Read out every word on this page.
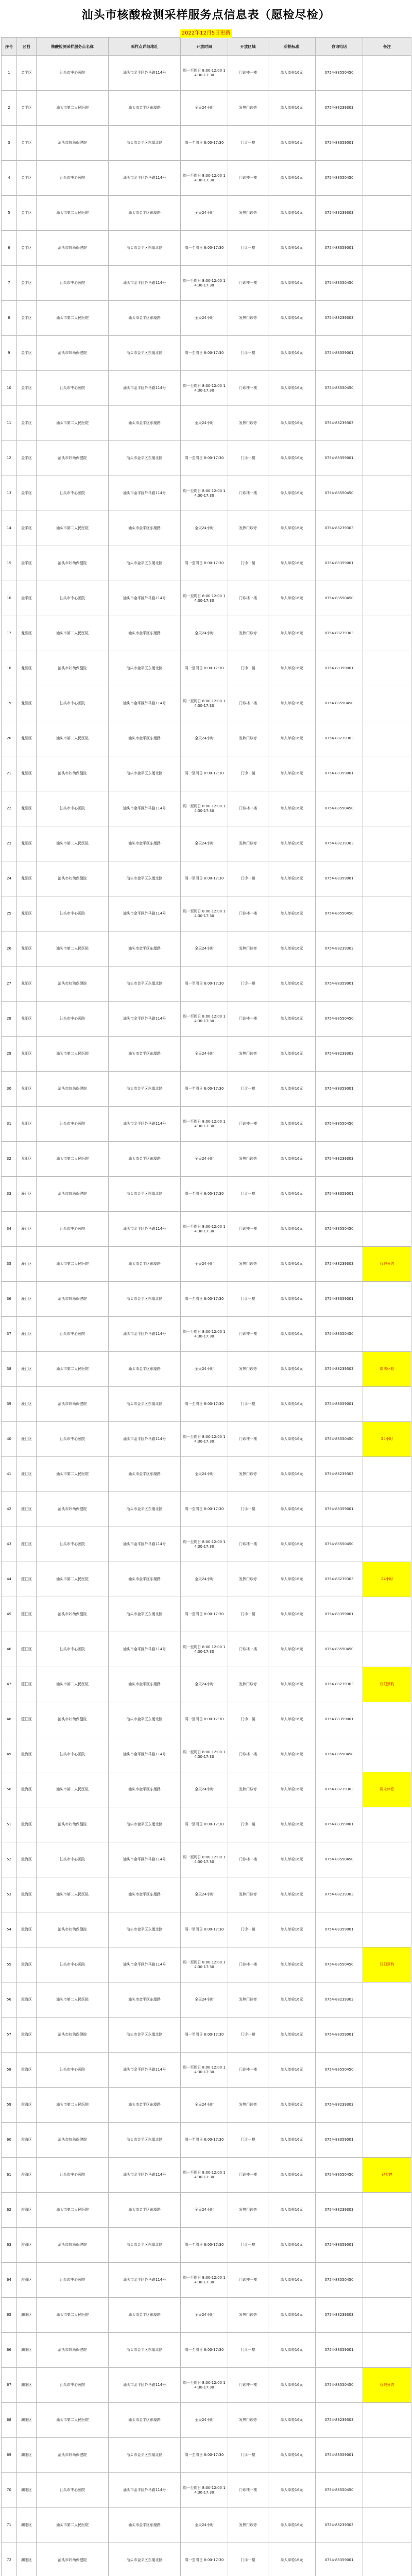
汕头市核酸检测采样服务点信息表（愿检尽检）
2022年12月5日更新
序号	区县	核酸检测采样服务点名称	采样点详细地址	开放时间	开放区域	价格标准	咨询电话	备注
1	金平区	汕头市中心医院	汕头市金平区外马路114号	周一至周日 8:00-12:00 14:30-17:30	门诊楼一楼	单人单检16元	0754-88550450	
2	金平区	汕头市第二人民医院	汕头市金平区东厦路	全天24小时	发热门诊旁	单人单检16元	0754-88239303	
3	金平区	汕头市妇幼保健院	汕头市金平区东厦北路	周一至周日 8:00-17:30	门诊一楼	单人单检16元	0754-88359001	
4	金平区	汕头市中心医院	汕头市金平区外马路114号	周一至周日 8:00-12:00 14:30-17:30	门诊楼一楼	单人单检16元	0754-88550450	
5	金平区	汕头市第二人民医院	汕头市金平区东厦路	全天24小时	发热门诊旁	单人单检16元	0754-88239303	
6	金平区	汕头市妇幼保健院	汕头市金平区东厦北路	周一至周日 8:00-17:30	门诊一楼	单人单检16元	0754-88359001	
7	金平区	汕头市中心医院	汕头市金平区外马路114号	周一至周日 8:00-12:00 14:30-17:30	门诊楼一楼	单人单检16元	0754-88550450	
8	金平区	汕头市第二人民医院	汕头市金平区东厦路	全天24小时	发热门诊旁	单人单检16元	0754-88239303	
9	金平区	汕头市妇幼保健院	汕头市金平区东厦北路	周一至周日 8:00-17:30	门诊一楼	单人单检16元	0754-88359001	
10	金平区	汕头市中心医院	汕头市金平区外马路114号	周一至周日 8:00-12:00 14:30-17:30	门诊楼一楼	单人单检16元	0754-88550450	
11	金平区	汕头市第二人民医院	汕头市金平区东厦路	全天24小时	发热门诊旁	单人单检16元	0754-88239303	
12	金平区	汕头市妇幼保健院	汕头市金平区东厦北路	周一至周日 8:00-17:30	门诊一楼	单人单检16元	0754-88359001	
13	金平区	汕头市中心医院	汕头市金平区外马路114号	周一至周日 8:00-12:00 14:30-17:30	门诊楼一楼	单人单检16元	0754-88550450	
14	金平区	汕头市第二人民医院	汕头市金平区东厦路	全天24小时	发热门诊旁	单人单检16元	0754-88239303	
15	金平区	汕头市妇幼保健院	汕头市金平区东厦北路	周一至周日 8:00-17:30	门诊一楼	单人单检16元	0754-88359001	
16	金平区	汕头市中心医院	汕头市金平区外马路114号	周一至周日 8:00-12:00 14:30-17:30	门诊楼一楼	单人单检16元	0754-88550450	
17	龙湖区	汕头市第二人民医院	汕头市金平区东厦路	全天24小时	发热门诊旁	单人单检16元	0754-88239303	
18	龙湖区	汕头市妇幼保健院	汕头市金平区东厦北路	周一至周日 8:00-17:30	门诊一楼	单人单检16元	0754-88359001	
19	龙湖区	汕头市中心医院	汕头市金平区外马路114号	周一至周日 8:00-12:00 14:30-17:30	门诊楼一楼	单人单检16元	0754-88550450	
20	龙湖区	汕头市第二人民医院	汕头市金平区东厦路	全天24小时	发热门诊旁	单人单检16元	0754-88239303	
21	龙湖区	汕头市妇幼保健院	汕头市金平区东厦北路	周一至周日 8:00-17:30	门诊一楼	单人单检16元	0754-88359001	
22	龙湖区	汕头市中心医院	汕头市金平区外马路114号	周一至周日 8:00-12:00 14:30-17:30	门诊楼一楼	单人单检16元	0754-88550450	
23	龙湖区	汕头市第二人民医院	汕头市金平区东厦路	全天24小时	发热门诊旁	单人单检16元	0754-88239303	
24	龙湖区	汕头市妇幼保健院	汕头市金平区东厦北路	周一至周日 8:00-17:30	门诊一楼	单人单检16元	0754-88359001	
25	龙湖区	汕头市中心医院	汕头市金平区外马路114号	周一至周日 8:00-12:00 14:30-17:30	门诊楼一楼	单人单检16元	0754-88550450	
26	龙湖区	汕头市第二人民医院	汕头市金平区东厦路	全天24小时	发热门诊旁	单人单检16元	0754-88239303	
27	龙湖区	汕头市妇幼保健院	汕头市金平区东厦北路	周一至周日 8:00-17:30	门诊一楼	单人单检16元	0754-88359001	
28	龙湖区	汕头市中心医院	汕头市金平区外马路114号	周一至周日 8:00-12:00 14:30-17:30	门诊楼一楼	单人单检16元	0754-88550450	
29	龙湖区	汕头市第二人民医院	汕头市金平区东厦路	全天24小时	发热门诊旁	单人单检16元	0754-88239303	
30	龙湖区	汕头市妇幼保健院	汕头市金平区东厦北路	周一至周日 8:00-17:30	门诊一楼	单人单检16元	0754-88359001	
31	龙湖区	汕头市中心医院	汕头市金平区外马路114号	周一至周日 8:00-12:00 14:30-17:30	门诊楼一楼	单人单检16元	0754-88550450	
32	龙湖区	汕头市第二人民医院	汕头市金平区东厦路	全天24小时	发热门诊旁	单人单检16元	0754-88239303	
33	濠江区	汕头市妇幼保健院	汕头市金平区东厦北路	周一至周日 8:00-17:30	门诊一楼	单人单检16元	0754-88359001	
34	濠江区	汕头市中心医院	汕头市金平区外马路114号	周一至周日 8:00-12:00 14:30-17:30	门诊楼一楼	单人单检16元	0754-88550450	
35	濠江区	汕头市第二人民医院	汕头市金平区东厦路	全天24小时	发热门诊旁	单人单检16元	0754-88239303	仅限预约
36	濠江区	汕头市妇幼保健院	汕头市金平区东厦北路	周一至周日 8:00-17:30	门诊一楼	单人单检16元	0754-88359001	
37	濠江区	汕头市中心医院	汕头市金平区外马路114号	周一至周日 8:00-12:00 14:30-17:30	门诊楼一楼	单人单检16元	0754-88550450	
38	濠江区	汕头市第二人民医院	汕头市金平区东厦路	全天24小时	发热门诊旁	单人单检16元	0754-88239303	周末休息
39	濠江区	汕头市妇幼保健院	汕头市金平区东厦北路	周一至周日 8:00-17:30	门诊一楼	单人单检16元	0754-88359001	
40	濠江区	汕头市中心医院	汕头市金平区外马路114号	周一至周日 8:00-12:00 14:30-17:30	门诊楼一楼	单人单检16元	0754-88550450	24小时
41	濠江区	汕头市第二人民医院	汕头市金平区东厦路	全天24小时	发热门诊旁	单人单检16元	0754-88239303	
42	濠江区	汕头市妇幼保健院	汕头市金平区东厦北路	周一至周日 8:00-17:30	门诊一楼	单人单检16元	0754-88359001	
43	濠江区	汕头市中心医院	汕头市金平区外马路114号	周一至周日 8:00-12:00 14:30-17:30	门诊楼一楼	单人单检16元	0754-88550450	
44	濠江区	汕头市第二人民医院	汕头市金平区东厦路	全天24小时	发热门诊旁	单人单检16元	0754-88239303	24小时
45	濠江区	汕头市妇幼保健院	汕头市金平区东厦北路	周一至周日 8:00-17:30	门诊一楼	单人单检16元	0754-88359001	
46	濠江区	汕头市中心医院	汕头市金平区外马路114号	周一至周日 8:00-12:00 14:30-17:30	门诊楼一楼	单人单检16元	0754-88550450	
47	濠江区	汕头市第二人民医院	汕头市金平区东厦路	全天24小时	发热门诊旁	单人单检16元	0754-88239303	仅限预约
48	濠江区	汕头市妇幼保健院	汕头市金平区东厦北路	周一至周日 8:00-17:30	门诊一楼	单人单检16元	0754-88359001	
49	澄海区	汕头市中心医院	汕头市金平区外马路114号	周一至周日 8:00-12:00 14:30-17:30	门诊楼一楼	单人单检16元	0754-88550450	
50	澄海区	汕头市第二人民医院	汕头市金平区东厦路	全天24小时	发热门诊旁	单人单检16元	0754-88239303	周末休息
51	澄海区	汕头市妇幼保健院	汕头市金平区东厦北路	周一至周日 8:00-17:30	门诊一楼	单人单检16元	0754-88359001	
52	澄海区	汕头市中心医院	汕头市金平区外马路114号	周一至周日 8:00-12:00 14:30-17:30	门诊楼一楼	单人单检16元	0754-88550450	
53	澄海区	汕头市第二人民医院	汕头市金平区东厦路	全天24小时	发热门诊旁	单人单检16元	0754-88239303	
54	澄海区	汕头市妇幼保健院	汕头市金平区东厦北路	周一至周日 8:00-17:30	门诊一楼	单人单检16元	0754-88359001	
55	澄海区	汕头市中心医院	汕头市金平区外马路114号	周一至周日 8:00-12:00 14:30-17:30	门诊楼一楼	单人单检16元	0754-88550450	仅限预约
56	澄海区	汕头市第二人民医院	汕头市金平区东厦路	全天24小时	发热门诊旁	单人单检16元	0754-88239303	
57	澄海区	汕头市妇幼保健院	汕头市金平区东厦北路	周一至周日 8:00-17:30	门诊一楼	单人单检16元	0754-88359001	
58	澄海区	汕头市中心医院	汕头市金平区外马路114号	周一至周日 8:00-12:00 14:30-17:30	门诊楼一楼	单人单检16元	0754-88550450	
59	澄海区	汕头市第二人民医院	汕头市金平区东厦路	全天24小时	发热门诊旁	单人单检16元	0754-88239303	
60	澄海区	汕头市妇幼保健院	汕头市金平区东厦北路	周一至周日 8:00-17:30	门诊一楼	单人单检16元	0754-88359001	
61	澄海区	汕头市中心医院	汕头市金平区外马路114号	周一至周日 8:00-12:00 14:30-17:30	门诊楼一楼	单人单检16元	0754-88550450	已暂停
62	澄海区	汕头市第二人民医院	汕头市金平区东厦路	全天24小时	发热门诊旁	单人单检16元	0754-88239303	
63	澄海区	汕头市妇幼保健院	汕头市金平区东厦北路	周一至周日 8:00-17:30	门诊一楼	单人单检16元	0754-88359001	
64	澄海区	汕头市中心医院	汕头市金平区外马路114号	周一至周日 8:00-12:00 14:30-17:30	门诊楼一楼	单人单检16元	0754-88550450	
65	潮阳区	汕头市第二人民医院	汕头市金平区东厦路	全天24小时	发热门诊旁	单人单检16元	0754-88239303	
66	潮阳区	汕头市妇幼保健院	汕头市金平区东厦北路	周一至周日 8:00-17:30	门诊一楼	单人单检16元	0754-88359001	
67	潮阳区	汕头市中心医院	汕头市金平区外马路114号	周一至周日 8:00-12:00 14:30-17:30	门诊楼一楼	单人单检16元	0754-88550450	仅限预约
68	潮阳区	汕头市第二人民医院	汕头市金平区东厦路	全天24小时	发热门诊旁	单人单检16元	0754-88239303	
69	潮阳区	汕头市妇幼保健院	汕头市金平区东厦北路	周一至周日 8:00-17:30	门诊一楼	单人单检16元	0754-88359001	
70	潮阳区	汕头市中心医院	汕头市金平区外马路114号	周一至周日 8:00-12:00 14:30-17:30	门诊楼一楼	单人单检16元	0754-88550450	
71	潮阳区	汕头市第二人民医院	汕头市金平区东厦路	全天24小时	发热门诊旁	单人单检16元	0754-88239303	
72	潮阳区	汕头市妇幼保健院	汕头市金平区东厦北路	周一至周日 8:00-17:30	门诊一楼	单人单检16元	0754-88359001	
